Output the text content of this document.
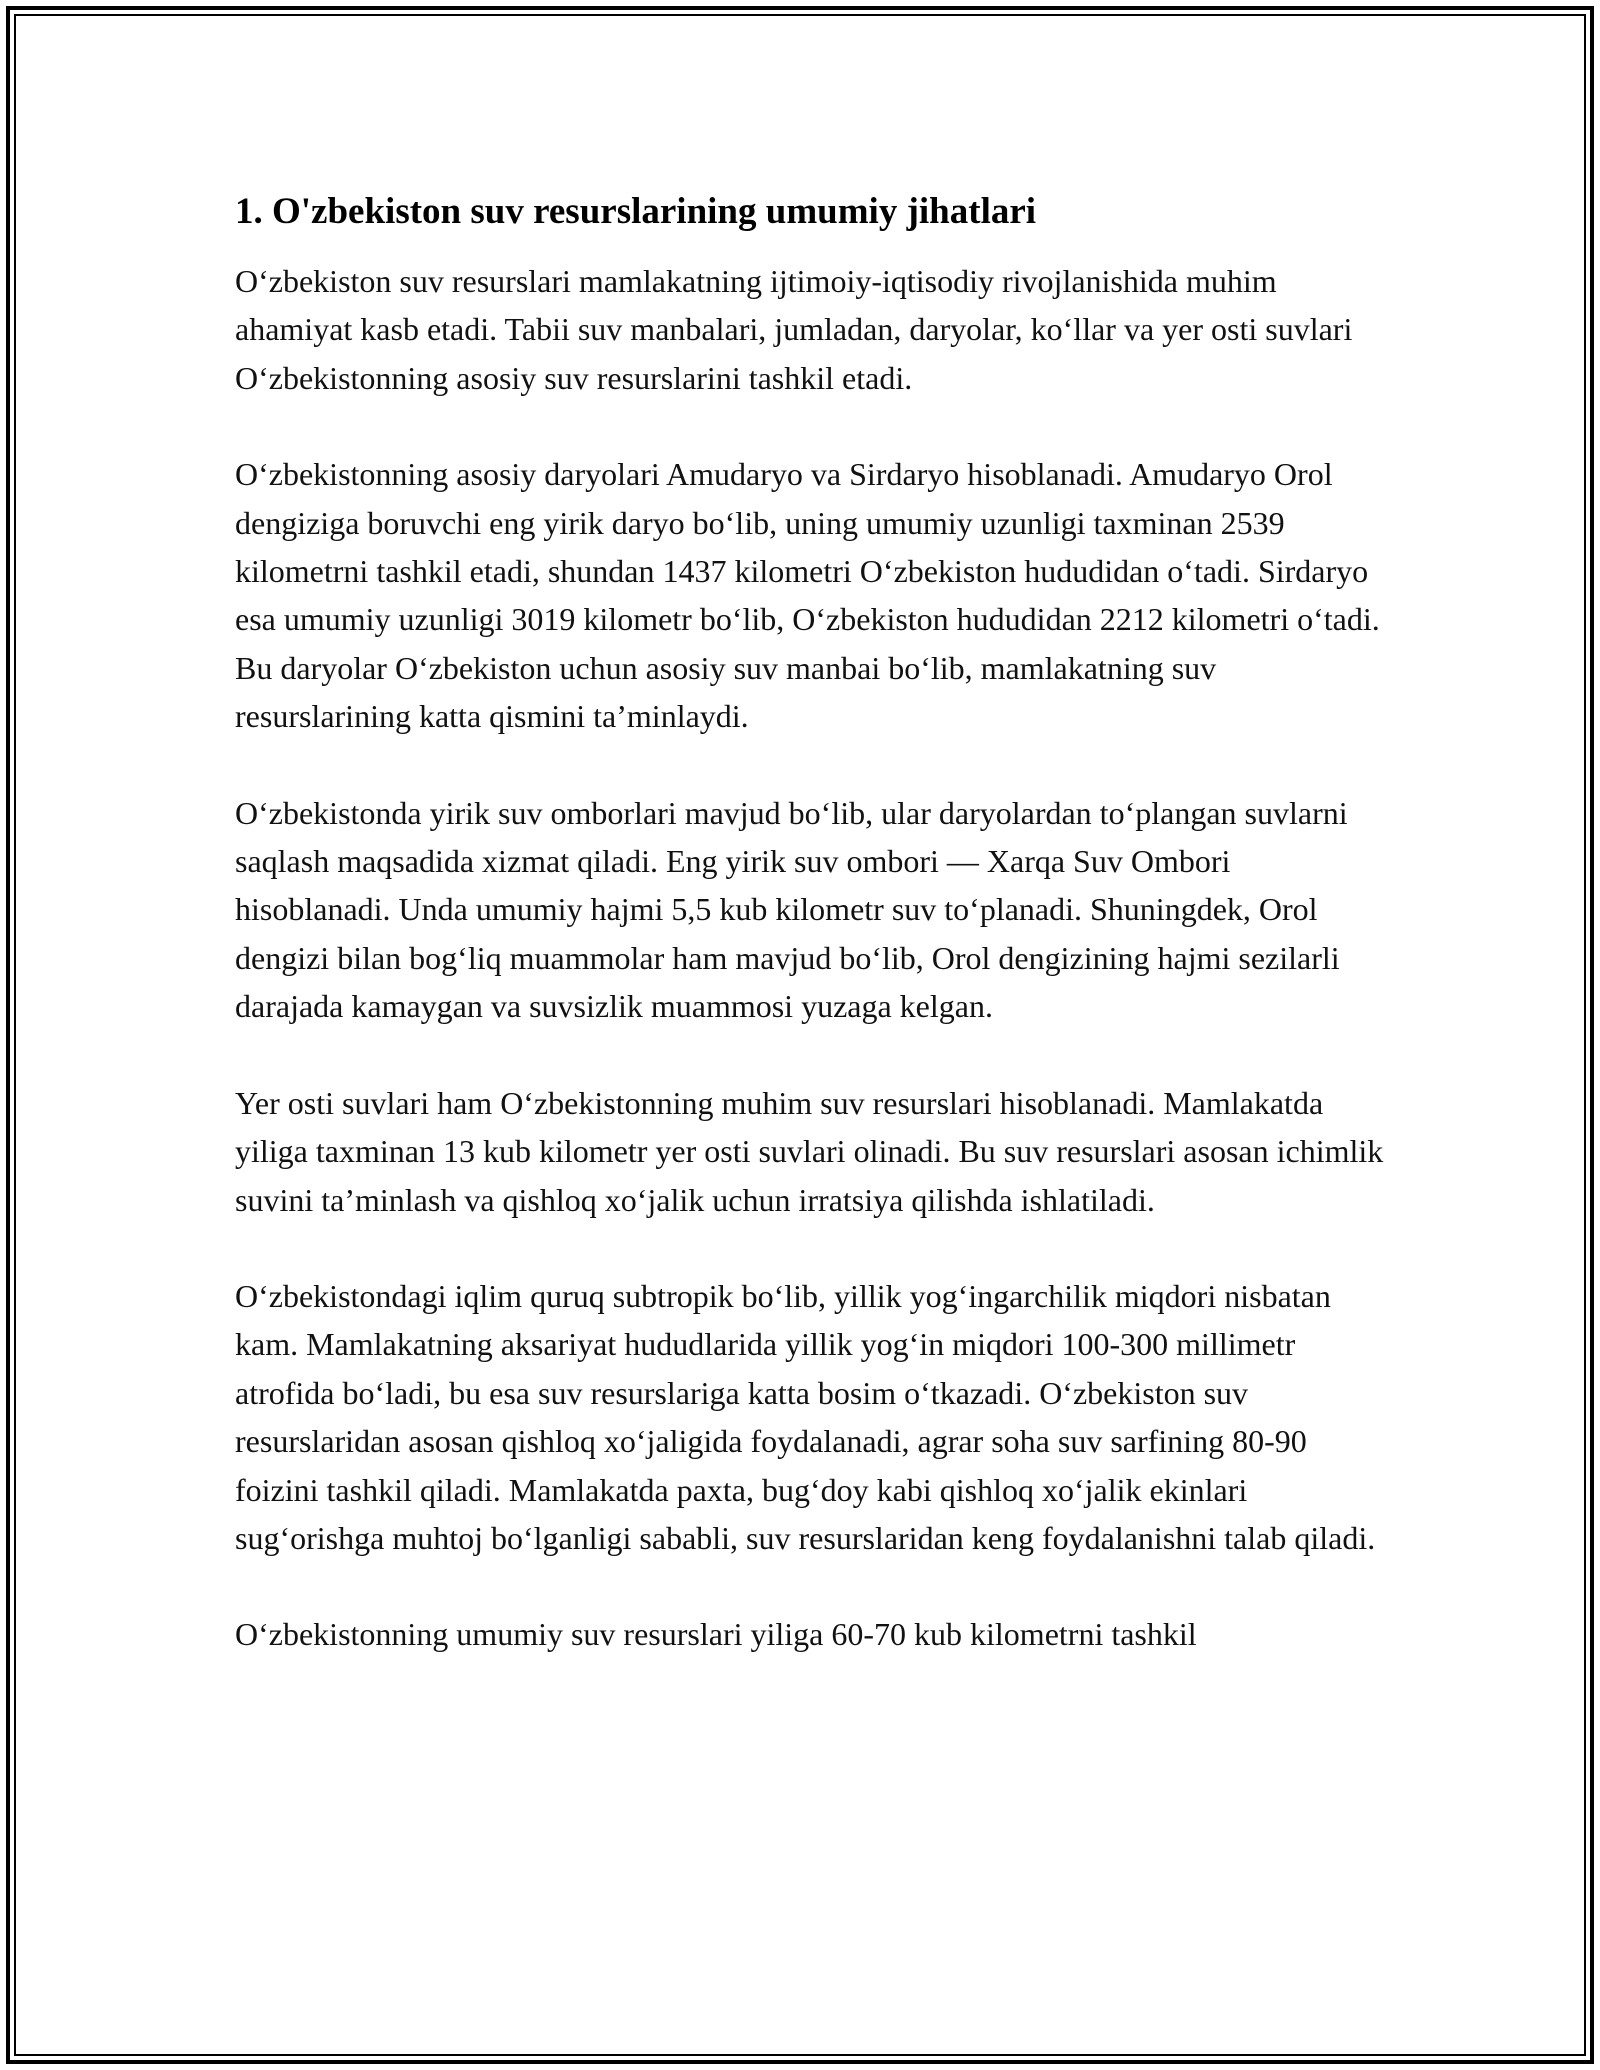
1. O'zbekiston suv resurslarining umumiy jihatlari

O‘zbekiston suv resurslari mamlakatning ijtimoiy-iqtisodiy rivojlanishida muhim ahamiyat kasb etadi. Tabii suv manbalari, jumladan, daryolar, ko‘llar va yer osti suvlari O‘zbekistonning asosiy suv resurslarini tashkil etadi.

O‘zbekistonning asosiy daryolari Amudaryo va Sirdaryo hisoblanadi. Amudaryo Orol dengiziga boruvchi eng yirik daryo bo‘lib, uning umumiy uzunligi taxminan 2539 kilometrni tashkil etadi, shundan 1437 kilometri O‘zbekiston hududidan o‘tadi. Sirdaryo esa umumiy uzunligi 3019 kilometr bo‘lib, O‘zbekiston hududidan 2212 kilometri o‘tadi. Bu daryolar O‘zbekiston uchun asosiy suv manbai bo‘lib, mamlakatning suv resurslarining katta qismini ta’minlaydi.

O‘zbekistonda yirik suv omborlari mavjud bo‘lib, ular daryolardan to‘plangan suvlarni saqlash maqsadida xizmat qiladi. Eng yirik suv ombori — Xarqa Suv Ombori hisoblanadi. Unda umumiy hajmi 5,5 kub kilometr suv to‘planadi. Shuningdek, Orol dengizi bilan bog‘liq muammolar ham mavjud bo‘lib, Orol dengizining hajmi sezilarli darajada kamaygan va suvsizlik muammosi yuzaga kelgan.

Yer osti suvlari ham O‘zbekistonning muhim suv resurslari hisoblanadi. Mamlakatda yiliga taxminan 13 kub kilometr yer osti suvlari olinadi. Bu suv resurslari asosan ichimlik suvini ta’minlash va qishloq xo‘jalik uchun irratsiya qilishda ishlatiladi.

O‘zbekistondagi iqlim quruq subtropik bo‘lib, yillik yog‘ingarchilik miqdori nisbatan kam. Mamlakatning aksariyat hududlarida yillik yog‘in miqdori 100-300 millimetr atrofida bo‘ladi, bu esa suv resurslariga katta bosim o‘tkazadi. O‘zbekiston suv resurslaridan asosan qishloq xo‘jaligida foydalanadi, agrar soha suv sarfining 80-90 foizini tashkil qiladi. Mamlakatda paxta, bug‘doy kabi qishloq xo‘jalik ekinlari sug‘orishga muhtoj bo‘lganligi sababli, suv resurslaridan keng foydalanishni talab qiladi.

O‘zbekistonning umumiy suv resurslari yiliga 60-70 kub kilometrni tashkil
